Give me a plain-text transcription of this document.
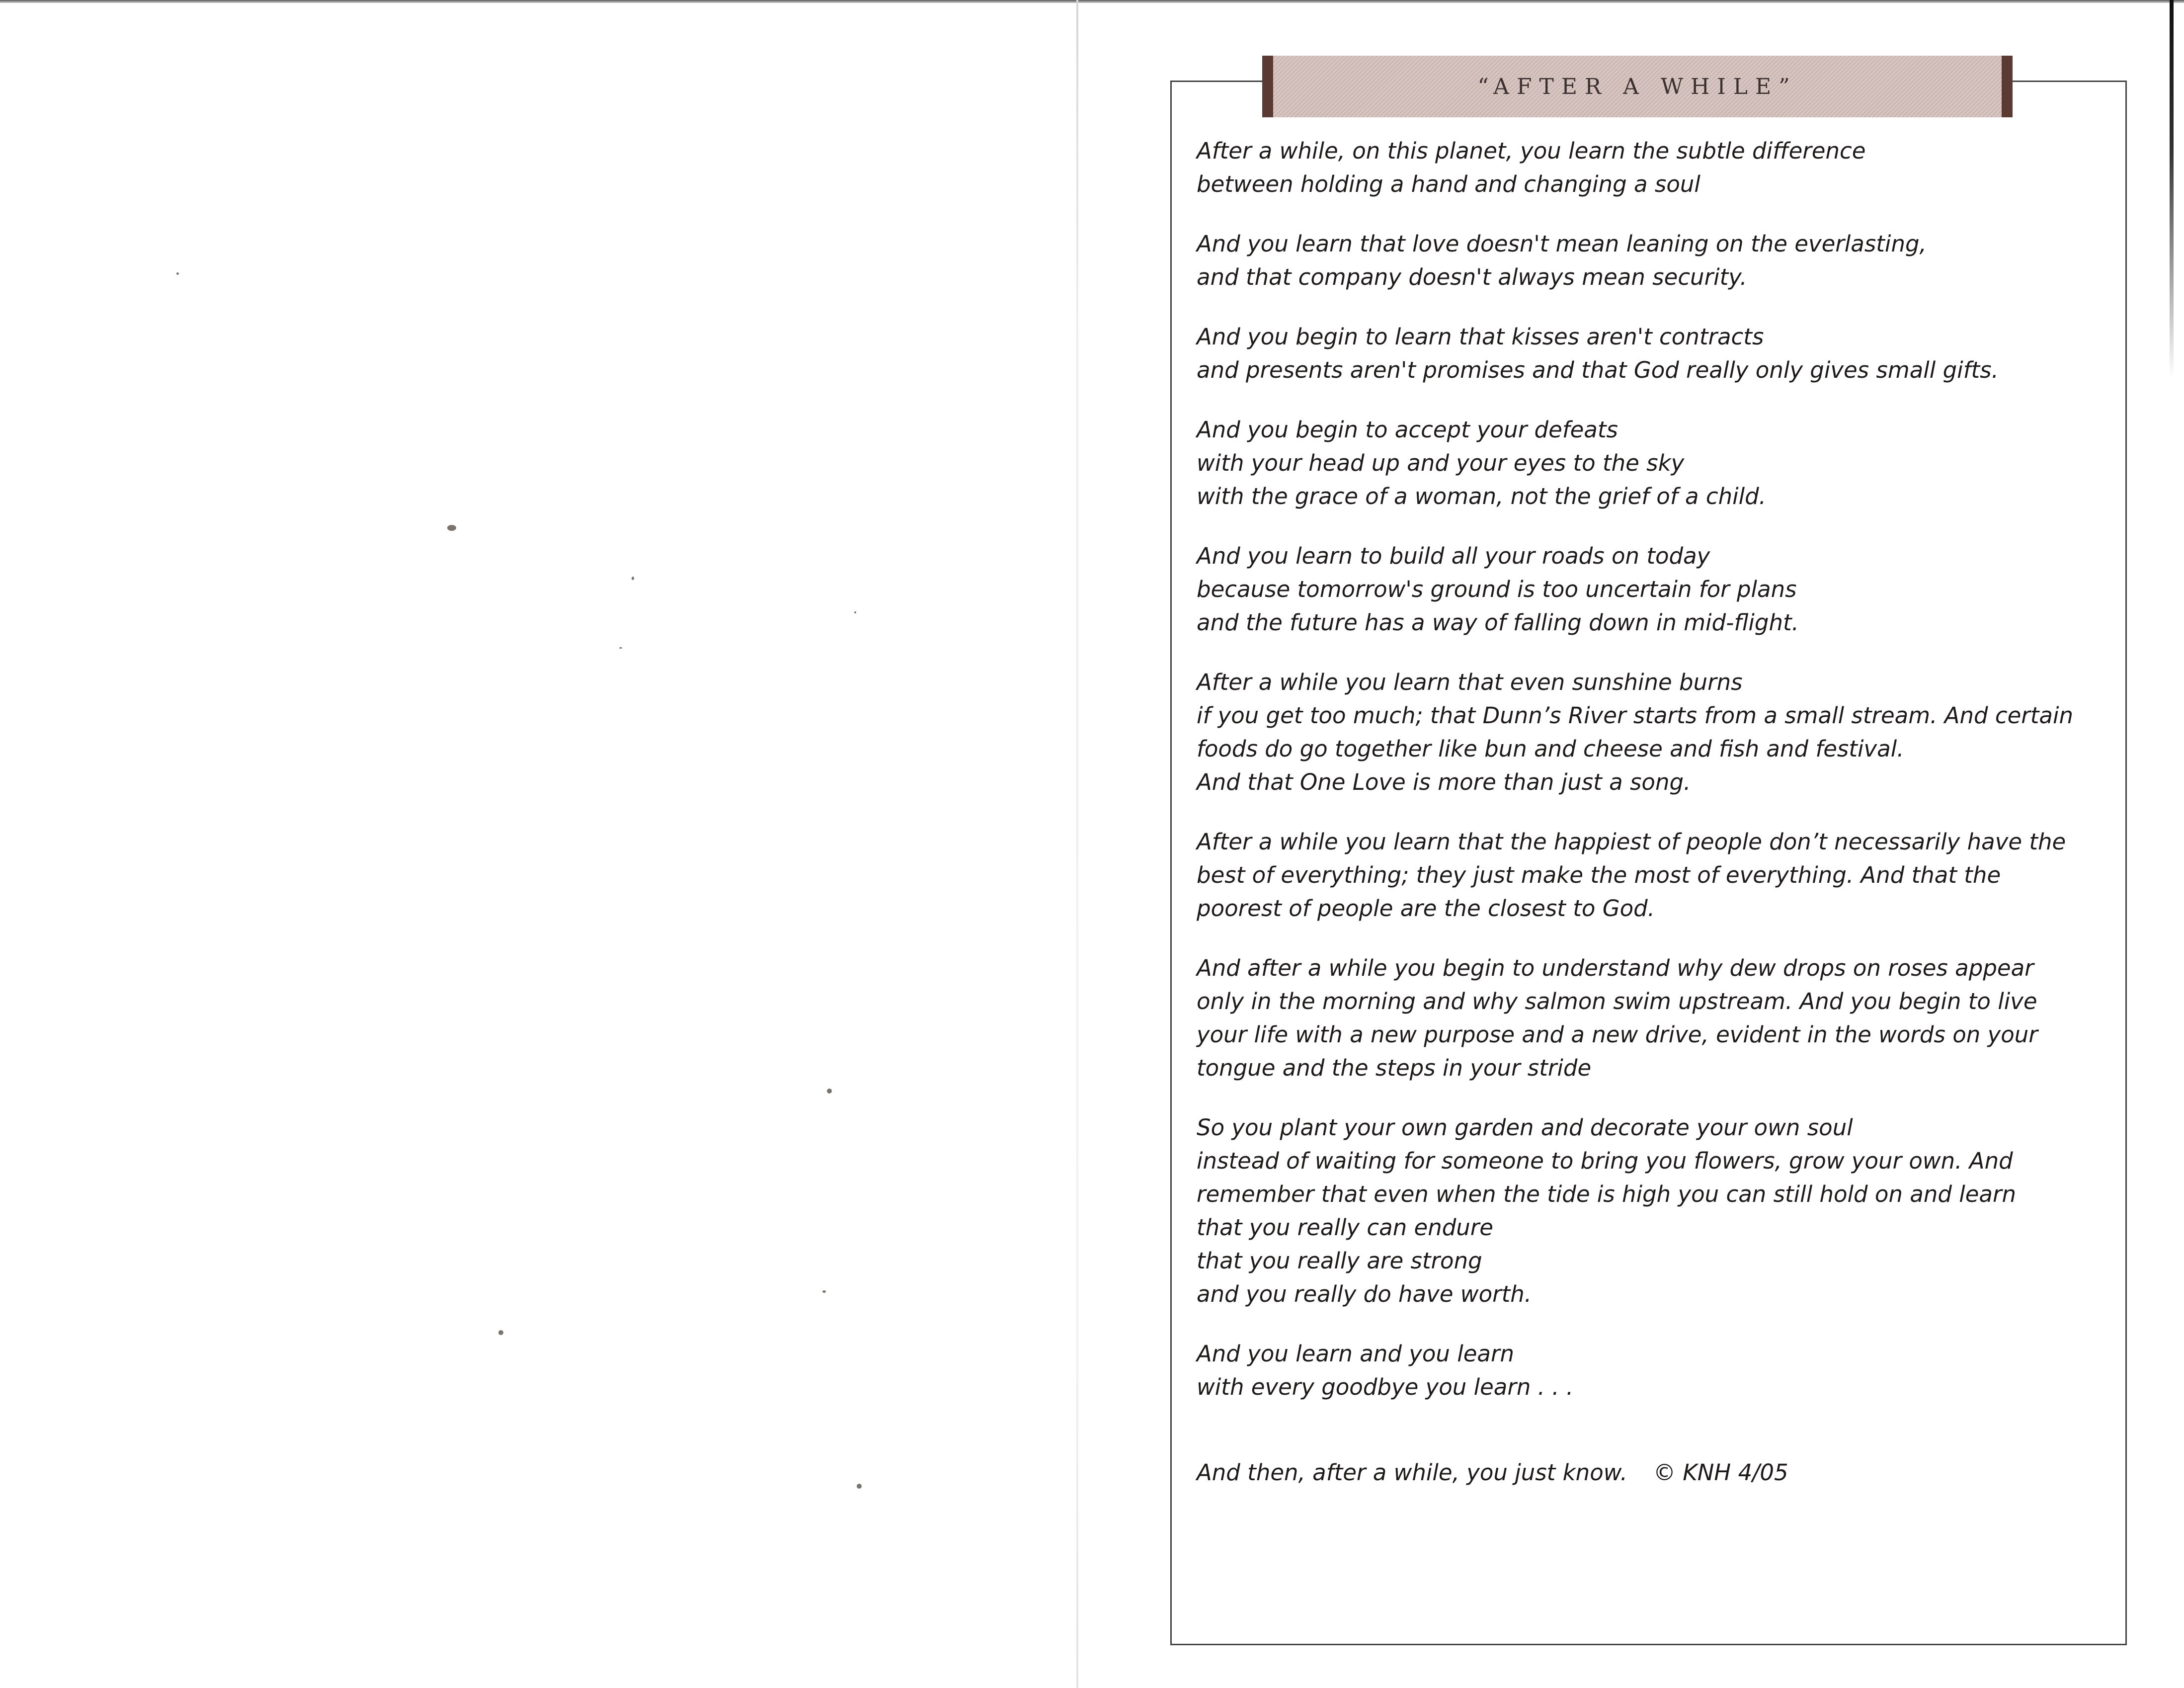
“AFTER A WHILE”
After a while, on this planet, you learn the subtle difference
between holding a hand and changing a soul
And you learn that love doesn't mean leaning on the everlasting,
and that company doesn't always mean security.
And you begin to learn that kisses aren't contracts
and presents aren't promises and that God really only gives small gifts.
And you begin to accept your defeats
with your head up and your eyes to the sky
with the grace of a woman, not the grief of a child.
And you learn to build all your roads on today
because tomorrow's ground is too uncertain for plans
and the future has a way of falling down in mid-flight.
After a while you learn that even sunshine burns
if you get too much; that Dunn’s River starts from a small stream. And certain
foods do go together like bun and cheese and fish and festival.
And that One Love is more than just a song.
After a while you learn that the happiest of people don’t necessarily have the
best of everything; they just make the most of everything. And that the
poorest of people are the closest to God.
And after a while you begin to understand why dew drops on roses appear
only in the morning and why salmon swim upstream. And you begin to live
your life with a new purpose and a new drive, evident in the words on your
tongue and the steps in your stride
So you plant your own garden and decorate your own soul
instead of waiting for someone to bring you flowers, grow your own. And
remember that even when the tide is high you can still hold on and learn
that you really can endure
that you really are strong
and you really do have worth.
And you learn and you learn
with every goodbye you learn . . .
And then, after a while, you just know. © KNH 4/05
